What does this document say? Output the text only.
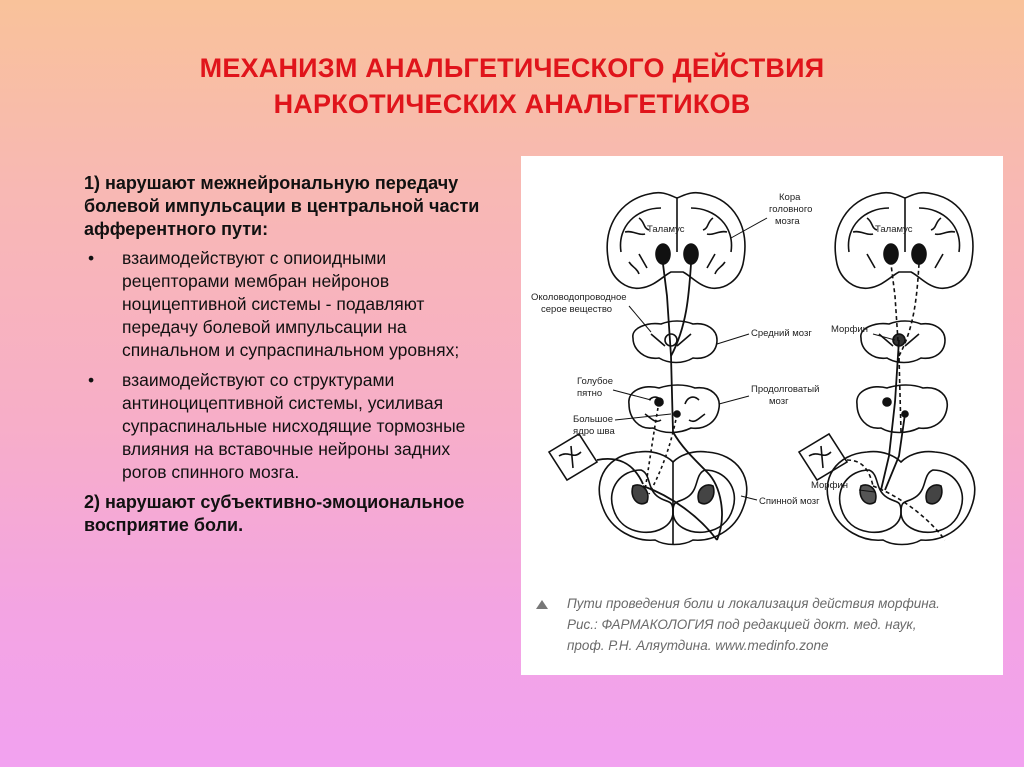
МЕХАНИЗМ АНАЛЬГЕТИЧЕСКОГО ДЕЙСТВИЯ
НАРКОТИЧЕСКИХ АНАЛЬГЕТИКОВ

1) нарушают межнейрональную передачу болевой импульсации в центральной части афферентного пути:

• взаимодействуют с опиоидными рецепторами мембран нейронов ноцицептивной системы - подавляют передачу болевой импульсации на спинальном и супраспинальном уровнях;
• взаимодействуют со структурами антиноцицептивной системы, усиливая супраспинальные нисходящие тормозные влияния на вставочные нейроны задних рогов спинного мозга.

2) нарушают субъективно-эмоциональное восприятие боли.

Кора
головного
мозга
Таламус	Таламус
Околоводопроводное
серое вещество
Средний мозг Морфин
Голубое
пятно
Большое
ядро шва
Продолговатый
мозг
Морфин
Спинной мозг
Пути проведения боли и локализация действия морфина.
Рис.: ФАРМАКОЛОГИЯ под редакцией докт. мед. наук,
проф. Р.Н. Аляутдина. www.medinfo.zone
